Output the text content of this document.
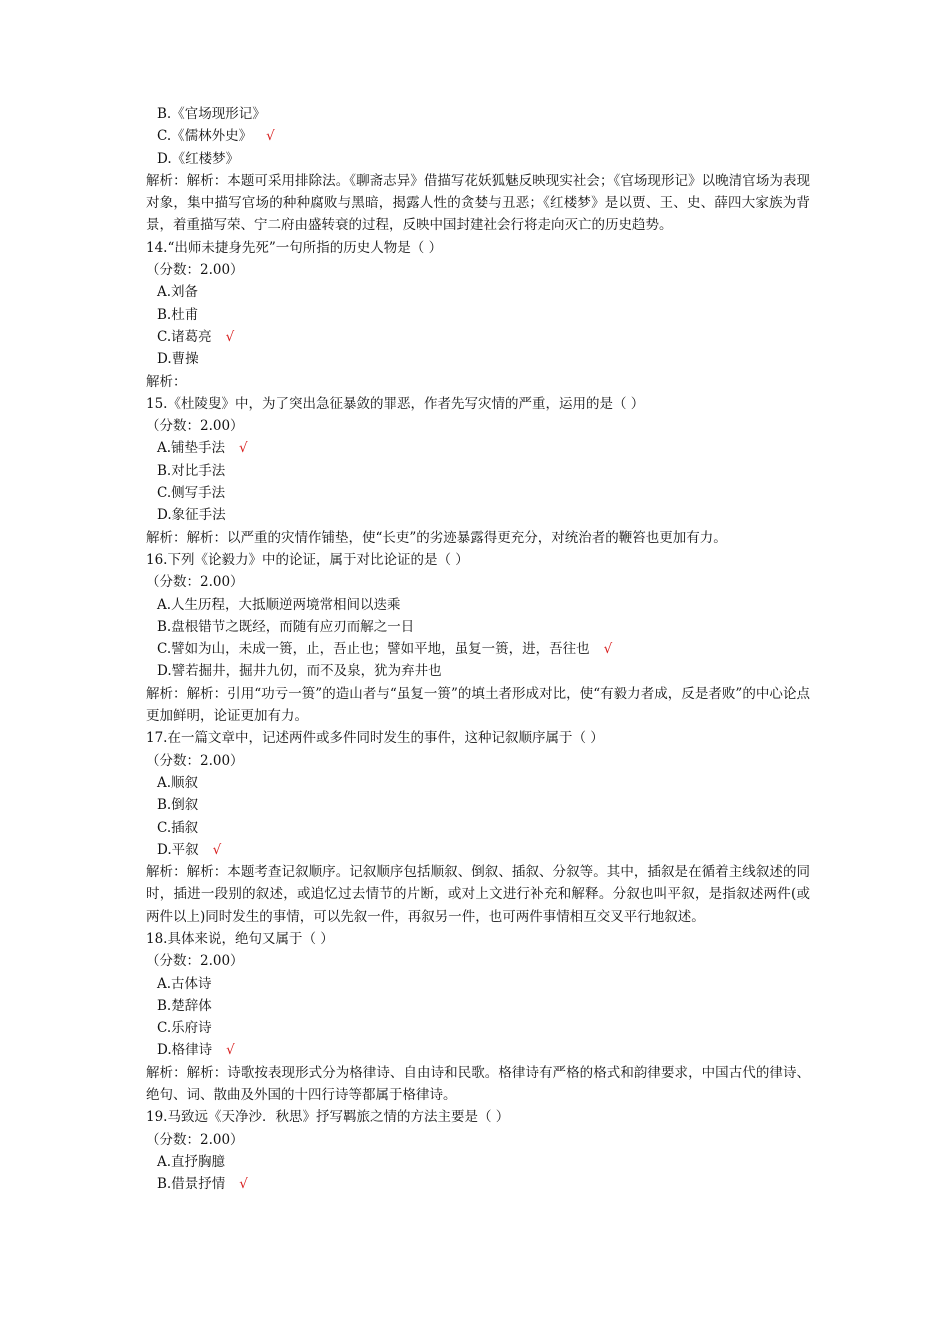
B.《官场现形记》
C.《儒林外史》 √
D.《红楼梦》
解析：解析：本题可采用排除法。《聊斋志异》借描写花妖狐魅反映现实社会；《官场现形记》以晚清官场为表现对象，集中描写官场的种种腐败与黑暗，揭露人性的贪婪与丑恶；《红楼梦》是以贾、王、史、薛四大家族为背景，着重描写荣、宁二府由盛转衰的过程，反映中国封建社会行将走向灭亡的历史趋势。
14.“出师未捷身先死”一句所指的历史人物是（ ）
（分数：2.00）
A.刘备
B.杜甫
C.诸葛亮 √
D.曹操
解析：
15.《杜陵叟》中，为了突出急征暴敛的罪恶，作者先写灾情的严重，运用的是（ ）
（分数：2.00）
A.铺垫手法 √
B.对比手法
C.侧写手法
D.象征手法
解析：解析：以严重的灾情作铺垫，使“长吏”的劣迹暴露得更充分，对统治者的鞭笞也更加有力。
16.下列《论毅力》中的论证，属于对比论证的是（ ）
（分数：2.00）
A.人生历程，大抵顺逆两境常相间以迭乘
B.盘根错节之既经，而随有应刃而解之一日
C.譬如为山，未成一篑，止，吾止也；譬如平地，虽复一篑，进，吾往也 √
D.譬若掘井，掘井九仞，而不及泉，犹为弃井也
解析：解析：引用“功亏一篑”的造山者与“虽复一篑”的填土者形成对比，使“有毅力者成，反是者败”的中心论点更加鲜明，论证更加有力。
17.在一篇文章中，记述两件或多件同时发生的事件，这种记叙顺序属于（ ）
（分数：2.00）
A.顺叙
B.倒叙
C.插叙
D.平叙 √
解析：解析：本题考查记叙顺序。记叙顺序包括顺叙、倒叙、插叙、分叙等。其中，插叙是在循着主线叙述的同时，插进一段别的叙述，或追忆过去情节的片断，或对上文进行补充和解释。分叙也叫平叙，是指叙述两件(或两件以上)同时发生的事情，可以先叙一件，再叙另一件，也可两件事情相互交叉平行地叙述。
18.具体来说，绝句又属于（ ）
（分数：2.00）
A.古体诗
B.楚辞体
C.乐府诗
D.格律诗 √
解析：解析：诗歌按表现形式分为格律诗、自由诗和民歌。格律诗有严格的格式和韵律要求，中国古代的律诗、绝句、词、散曲及外国的十四行诗等都属于格律诗。
19.马致远《天净沙．秋思》抒写羁旅之情的方法主要是（ ）
（分数：2.00）
A.直抒胸臆
B.借景抒情 √
